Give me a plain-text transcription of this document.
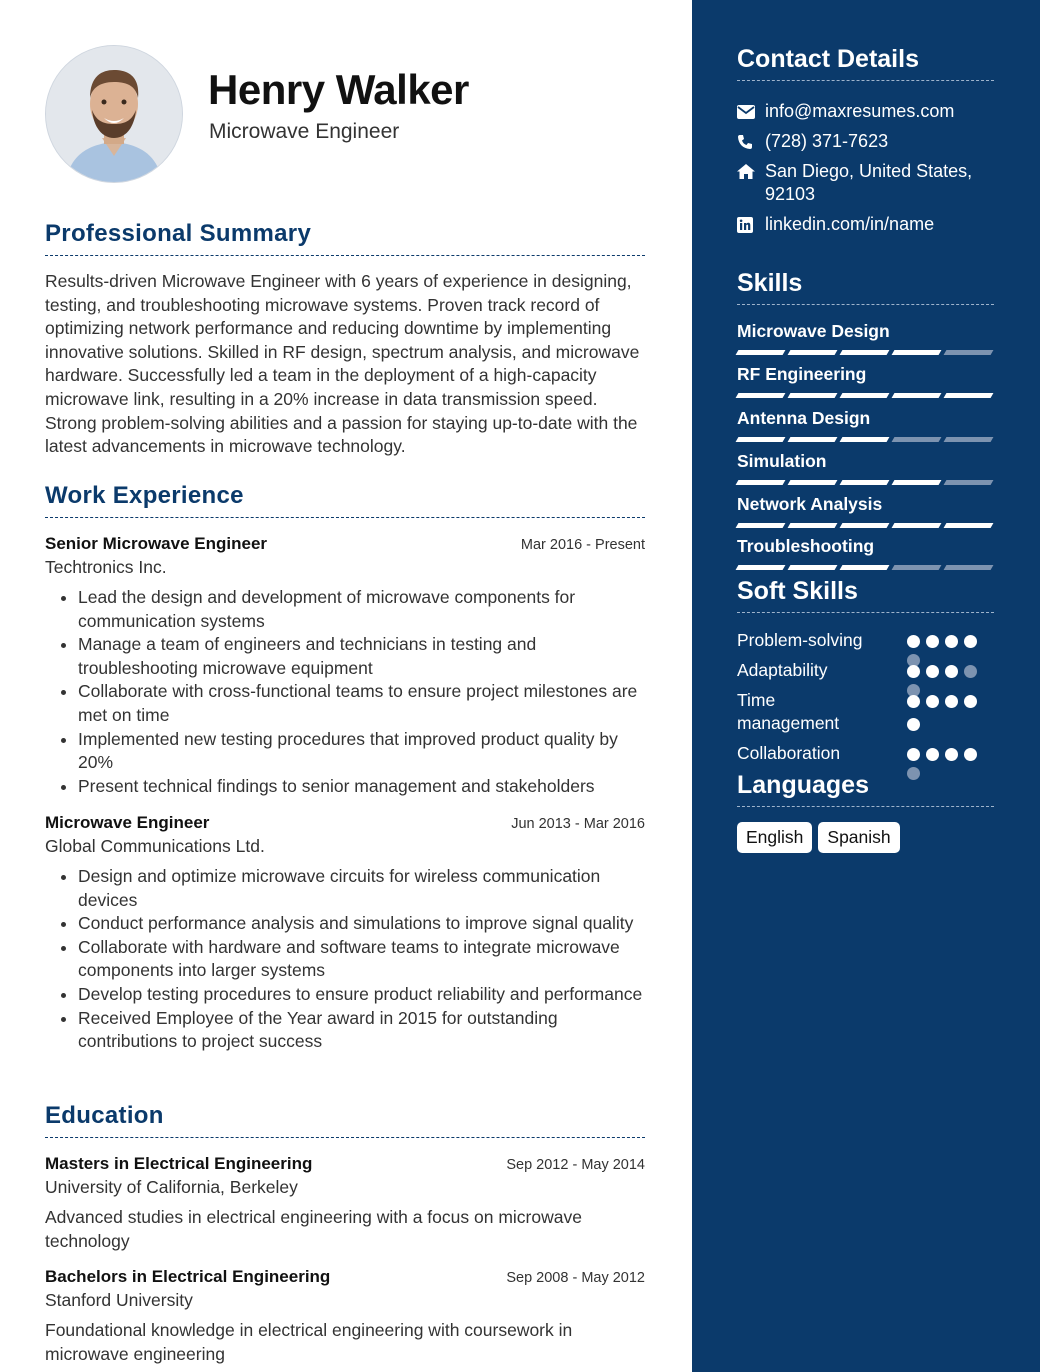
Henry Walker
Microwave Engineer
Professional Summary
Results-driven Microwave Engineer with 6 years of experience in designing, testing, and troubleshooting microwave systems. Proven track record of optimizing network performance and reducing downtime by implementing innovative solutions. Skilled in RF design, spectrum analysis, and microwave hardware. Successfully led a team in the deployment of a high-capacity microwave link, resulting in a 20% increase in data transmission speed. Strong problem-solving abilities and a passion for staying up-to-date with the latest advancements in microwave technology.
Work Experience
Senior Microwave Engineer	Mar 2016 - Present
Techtronics Inc.
• Lead the design and development of microwave components for communication systems
• Manage a team of engineers and technicians in testing and troubleshooting microwave equipment
• Collaborate with cross-functional teams to ensure project milestones are met on time
• Implemented new testing procedures that improved product quality by 20%
• Present technical findings to senior management and stakeholders
Microwave Engineer	Jun 2013 - Mar 2016
Global Communications Ltd.
• Design and optimize microwave circuits for wireless communication devices
• Conduct performance analysis and simulations to improve signal quality
• Collaborate with hardware and software teams to integrate microwave components into larger systems
• Develop testing procedures to ensure product reliability and performance
• Received Employee of the Year award in 2015 for outstanding contributions to project success
Education
Masters in Electrical Engineering	Sep 2012 - May 2014
University of California, Berkeley
Advanced studies in electrical engineering with a focus on microwave technology
Bachelors in Electrical Engineering	Sep 2008 - May 2012
Stanford University
Foundational knowledge in electrical engineering with coursework in microwave engineering
Contact Details
info@maxresumes.com
(728) 371-7623
San Diego, United States, 92103
linkedin.com/in/name
Skills
Microwave Design
RF Engineering
Antenna Design
Simulation
Network Analysis
Troubleshooting
Soft Skills
Problem-solving
Adaptability
Time management
Collaboration
Languages
English	Spanish
